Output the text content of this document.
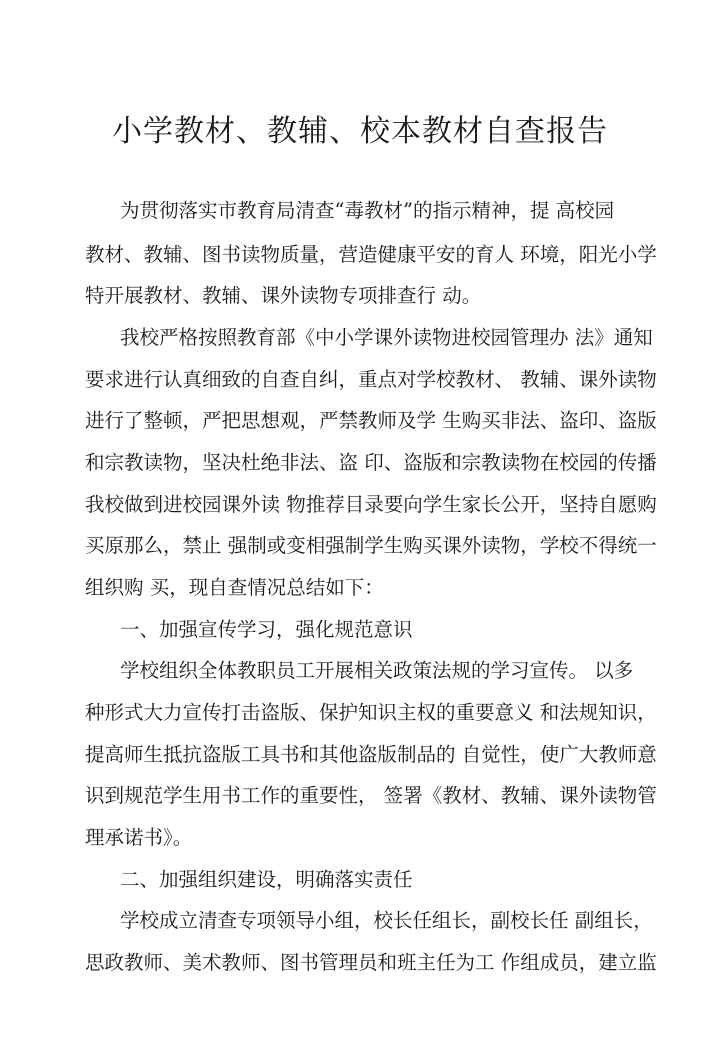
小学教材、教辅、校本教材自查报告

为贯彻落实市教育局清查“毒教材”的指示精神，提 高校园

教材、教辅、图书读物质量，营造健康平安的育人 环境，阳光小学

特开展教材、教辅、课外读物专项排查行 动。

我校严格按照教育部《中小学课外读物进校园管理办 法》通知

要求进行认真细致的自查自纠，重点对学校教材、 教辅、课外读物

进行了整顿，严把思想观，严禁教师及学 生购买非法、盗印、盗版

和宗教读物，坚决杜绝非法、盗 印、盗版和宗教读物在校园的传播

我校做到进校园课外读 物推荐目录要向学生家长公开，坚持自愿购

买原那么，禁止 强制或变相强制学生购买课外读物，学校不得统一

组织购 买，现自查情况总结如下：

一、加强宣传学习，强化规范意识

学校组织全体教职员工开展相关政策法规的学习宣传。 以多

种形式大力宣传打击盗版、保护知识主权的重要意义 和法规知识，

提高师生抵抗盗版工具书和其他盗版制品的 自觉性，使广大教师意

识到规范学生用书工作的重要性， 签署《教材、教辅、课外读物管

理承诺书》。

二、加强组织建设，明确落实责任

学校成立清查专项领导小组，校长任组长，副校长任 副组长，

思政教师、美术教师、图书管理员和班主任为工 作组成员，建立监
